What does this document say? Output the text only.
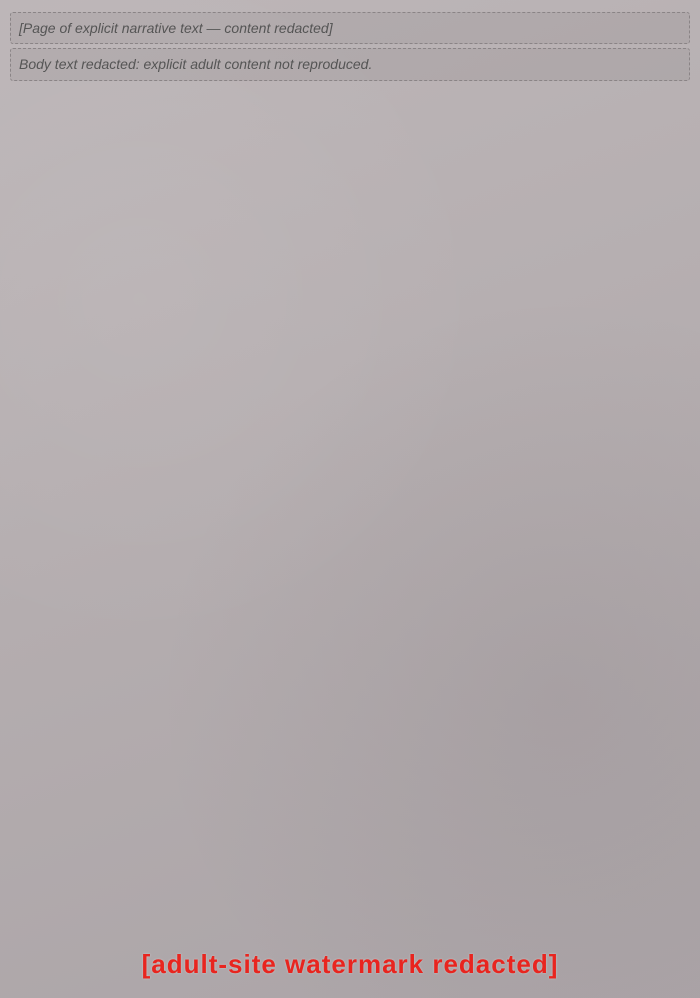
[Page of explicit narrative text — content redacted]
Body text redacted: explicit adult content not reproduced.
[adult-site watermark redacted]
